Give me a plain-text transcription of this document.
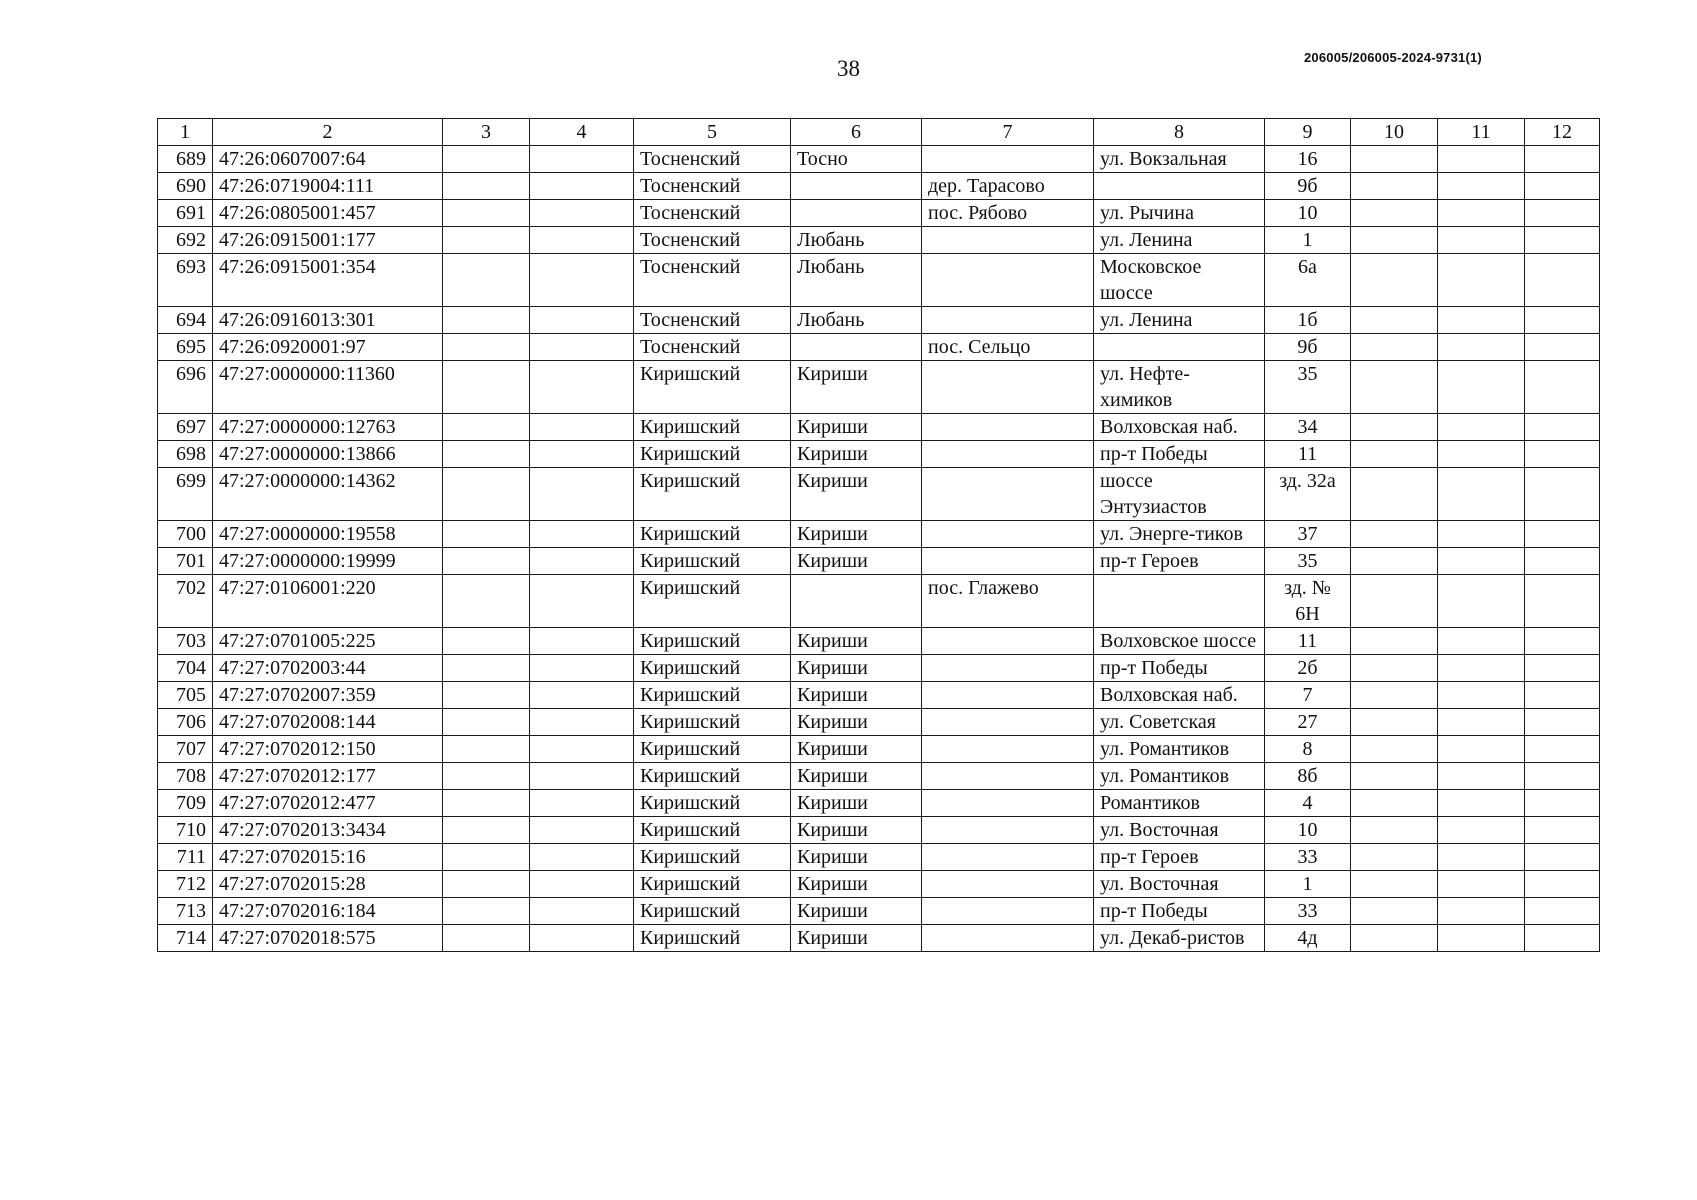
38	206005/206005-2024-9731(1)
1	2	3	4	5	6	7	8	9	10	11	12
689	47:26:0607007:64			Тосненский	Тосно		ул. Вокзальная	16			
690	47:26:0719004:111			Тосненский		дер. Тарасово		9б			
691	47:26:0805001:457			Тосненский		пос. Рябово	ул. Рычина	10			
692	47:26:0915001:177			Тосненский	Любань		ул. Ленина	1			
693	47:26:0915001:354			Тосненский	Любань		Московское шоссе	6а			
694	47:26:0916013:301			Тосненский	Любань		ул. Ленина	1б			
695	47:26:0920001:97			Тосненский		пос. Сельцо		9б			
696	47:27:0000000:11360			Киришский	Кириши		ул. Нефте-химиков	35			
697	47:27:0000000:12763			Киришский	Кириши		Волховская наб.	34			
698	47:27:0000000:13866			Киришский	Кириши		пр-т Победы	11			
699	47:27:0000000:14362			Киришский	Кириши		шоссе Энтузиастов	зд. 32а			
700	47:27:0000000:19558			Киришский	Кириши		ул. Энерге-тиков	37			
701	47:27:0000000:19999			Киришский	Кириши		пр-т Героев	35			
702	47:27:0106001:220			Киришский		пос. Глажево		зд. № 6Н			
703	47:27:0701005:225			Киришский	Кириши		Волховское шоссе	11			
704	47:27:0702003:44			Киришский	Кириши		пр-т Победы	2б			
705	47:27:0702007:359			Киришский	Кириши		Волховская наб.	7			
706	47:27:0702008:144			Киришский	Кириши		ул. Советская	27			
707	47:27:0702012:150			Киришский	Кириши		ул. Романтиков	8			
708	47:27:0702012:177			Киришский	Кириши		ул. Романтиков	8б			
709	47:27:0702012:477			Киришский	Кириши		Романтиков	4			
710	47:27:0702013:3434			Киришский	Кириши		ул. Восточная	10			
711	47:27:0702015:16			Киришский	Кириши		пр-т Героев	33			
712	47:27:0702015:28			Киришский	Кириши		ул. Восточная	1			
713	47:27:0702016:184			Киришский	Кириши		пр-т Победы	33			
714	47:27:0702018:575			Киришский	Кириши		ул. Декаб-ристов	4д			
